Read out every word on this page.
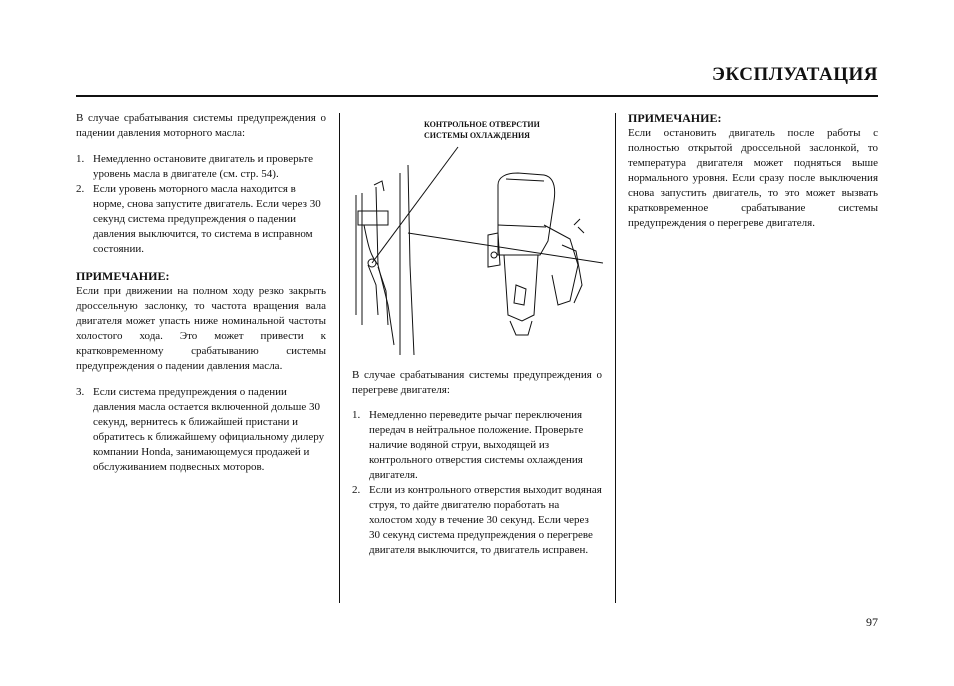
ЭКСПЛУАТАЦИЯ

В случае срабатывания системы предупреждения о падении давления моторного масла:

1. Немедленно остановите двигатель и проверьте уровень масла в двигателе (см. стр. 54).
2. Если уровень моторного масла находится в норме, снова запустите двигатель. Если через 30 секунд система предупреждения о падении давления выключится, то система в исправном состоянии.

ПРИМЕЧАНИЕ:

Если при движении на полном ходу резко закрыть дроссельную заслонку, то частота вращения вала двигателя может упасть ниже номинальной частоты холостого хода. Это может привести к кратковременному срабатыванию системы предупреждения о падении давления масла.

3. Если система предупреждения о падении давления масла остается включенной дольше 30 секунд, вернитесь к ближайшей пристани и обратитесь к ближайшему официальному дилеру компании Honda, занимающемуся продажей и обслуживанием подвесных моторов.
КОНТРОЛЬНОЕ ОТВЕРСТИИ
СИСТЕМЫ ОХЛАЖДЕНИЯ

В случае срабатывания системы предупреждения о перегреве двигателя:

1. Немедленно переведите рычаг переключения передач в нейтральное положение. Проверьте наличие водяной струи, выходящей из контрольного отверстия системы охлаждения двигателя.
2. Если из контрольного отверстия выходит водяная струя, то дайте двигателю поработать на холостом ходу в течение 30 секунд. Если через 30 секунд система предупреждения о перегреве двигателя выключится, то двигатель исправен.

ПРИМЕЧАНИЕ:

Если остановить двигатель после работы с полностью открытой дроссельной заслонкой, то температура двигателя может подняться выше нормального уровня. Если сразу после выключения снова запустить двигатель, то это может вызвать кратковременное срабатывание системы предупреждения о перегреве двигателя.

97
